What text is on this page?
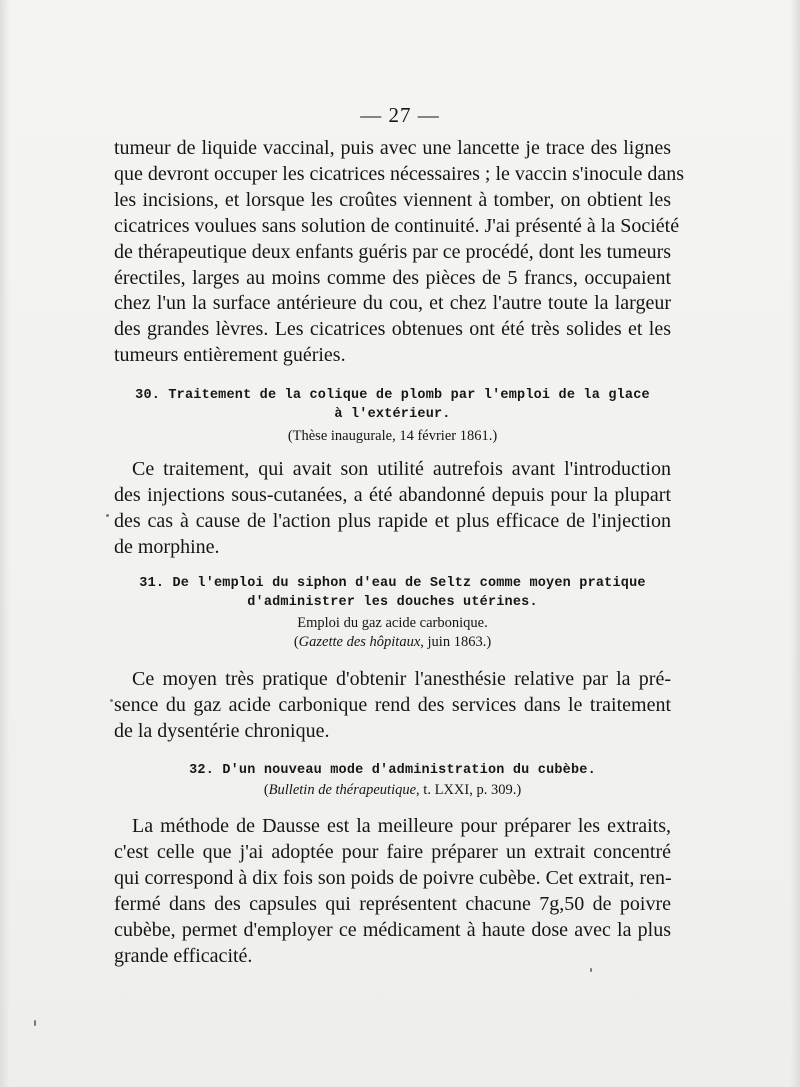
— 27 —

tumeur de liquide vaccinal, puis avec une lancette je trace des lignes
que devront occuper les cicatrices nécessaires ; le vaccin s'inocule dans
les incisions, et lorsque les croûtes viennent à tomber, on obtient les
cicatrices voulues sans solution de continuité. J'ai présenté à la Société
de thérapeutique deux enfants guéris par ce procédé, dont les tumeurs
érectiles, larges au moins comme des pièces de 5 francs, occupaient
chez l'un la surface antérieure du cou, et chez l'autre toute la largeur
des grandes lèvres. Les cicatrices obtenues ont été très solides et les
tumeurs entièrement guéries.

30. Traitement de la colique de plomb par l'emploi de la glace

à l'extérieur.

(Thèse inaugurale, 14 février 1861.)

Ce traitement, qui avait son utilité autrefois avant l'introduction
des injections sous-cutanées, a été abandonné depuis pour la plupart
des cas à cause de l'action plus rapide et plus efficace de l'injection
de morphine.

31. De l'emploi du siphon d'eau de Seltz comme moyen pratique

d'administrer les douches utérines.

Emploi du gaz acide carbonique.

(Gazette des hôpitaux, juin 1863.)

Ce moyen très pratique d'obtenir l'anesthésie relative par la pré-
sence du gaz acide carbonique rend des services dans le traitement
de la dysentérie chronique.

32. D'un nouveau mode d'administration du cubèbe.

(Bulletin de thérapeutique, t. LXXI, p. 309.)

La méthode de Dausse est la meilleure pour préparer les extraits,
c'est celle que j'ai adoptée pour faire préparer un extrait concentré
qui correspond à dix fois son poids de poivre cubèbe. Cet extrait, ren-
fermé dans des capsules qui représentent chacune 7g,50 de poivre
cubèbe, permet d'employer ce médicament à haute dose avec la plus
grande efficacité.
